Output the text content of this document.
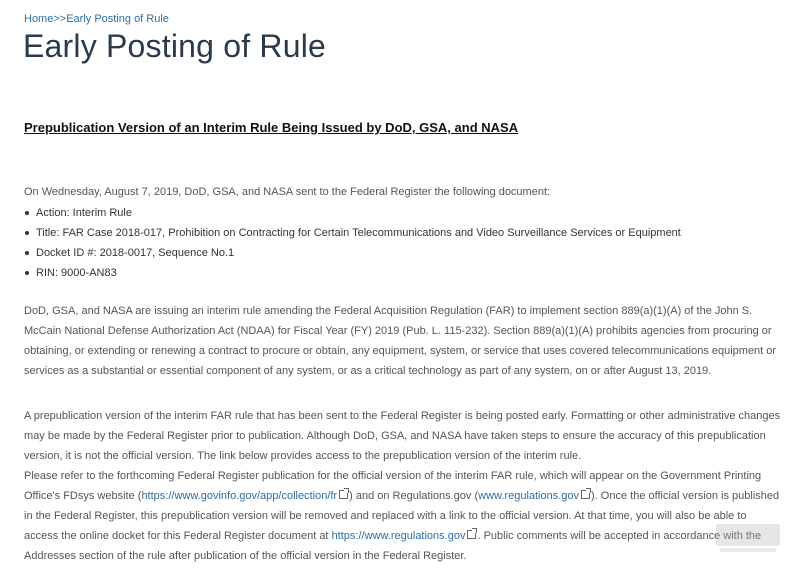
Home>>Early Posting of Rule
Early Posting of Rule
Prepublication Version of an Interim Rule Being Issued by DoD, GSA, and NASA
On Wednesday, August 7, 2019, DoD, GSA, and NASA sent to the Federal Register the following document:
Action: Interim Rule
Title: FAR Case 2018-017, Prohibition on Contracting for Certain Telecommunications and Video Surveillance Services or Equipment
Docket ID #: 2018-0017, Sequence No.1
RIN: 9000-AN83

DoD, GSA, and NASA are issuing an interim rule amending the Federal Acquisition Regulation (FAR) to implement section 889(a)(1)(A) of the John S. McCain National Defense Authorization Act (NDAA) for Fiscal Year (FY) 2019 (Pub. L. 115-232). Section 889(a)(1)(A) prohibits agencies from procuring or obtaining, or extending or renewing a contract to procure or obtain, any equipment, system, or service that uses covered telecommunications equipment or services as a substantial or essential component of any system, or as a critical technology as part of any system, on or after August 13, 2019.

A prepublication version of the interim FAR rule that has been sent to the Federal Register is being posted early. Formatting or other administrative changes may be made by the Federal Register prior to publication. Although DoD, GSA, and NASA have taken steps to ensure the accuracy of this prepublication version, it is not the official version. The link below provides access to the prepublication version of the interim rule.
Please refer to the forthcoming Federal Register publication for the official version of the interim FAR rule, which will appear on the Government Printing Office's FDsys website (https://www.govinfo.gov/app/collection/fr ) and on Regulations.gov (www.regulations.gov ). Once the official version is published in the Federal Register, this prepublication version will be removed and replaced with a link to the official version. At that time, you will also be able to access the online docket for this Federal Register document at https://www.regulations.gov . Public comments will be accepted in accordance with the Addresses section of the rule after publication of the official version in the Federal Register.
